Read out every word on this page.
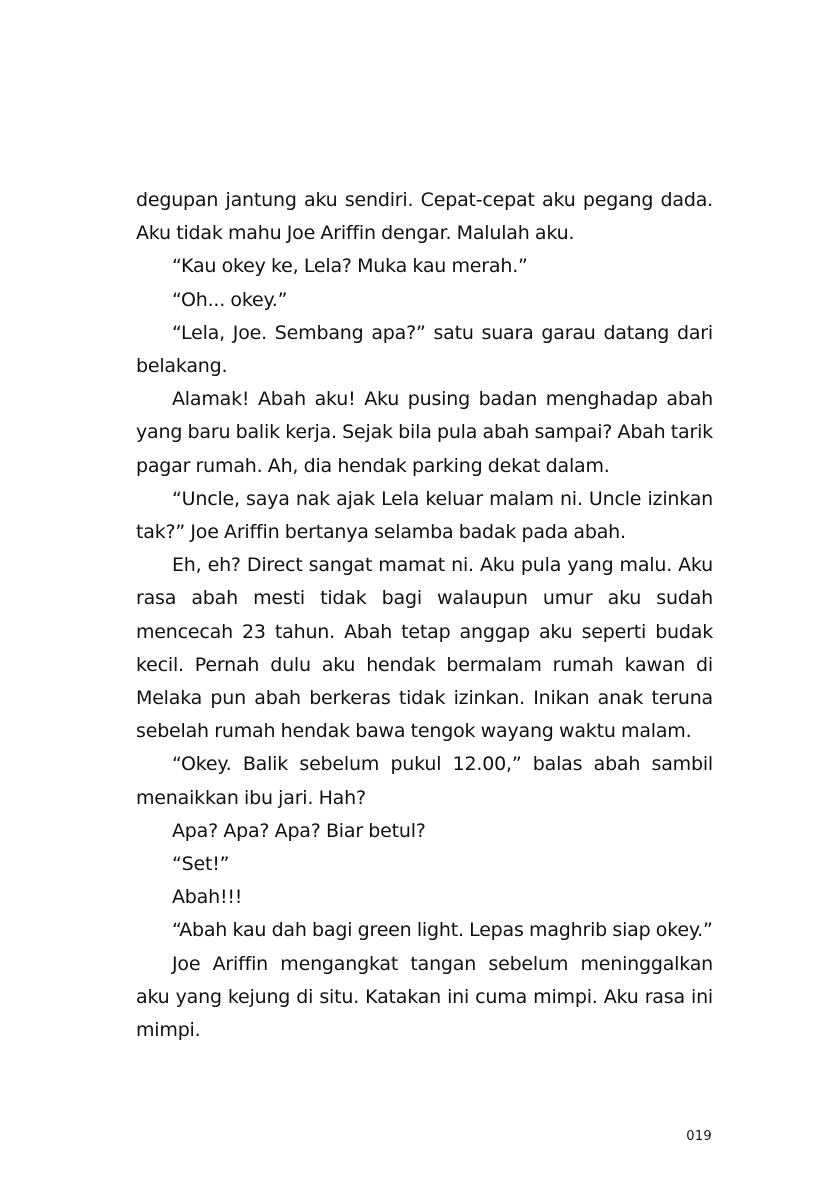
degupan jantung aku sendiri. Cepat-cepat aku pegang dada. Aku tidak mahu Joe Ariffin dengar. Malulah aku.

“Kau okey ke, Lela? Muka kau merah.”

“Oh... okey.”

“Lela, Joe. Sembang apa?” satu suara garau datang dari belakang.

Alamak! Abah aku! Aku pusing badan menghadap abah yang baru balik kerja. Sejak bila pula abah sampai? Abah tarik pagar rumah. Ah, dia hendak parking dekat dalam.

“Uncle, saya nak ajak Lela keluar malam ni. Uncle izinkan tak?” Joe Ariffin bertanya selamba badak pada abah.

Eh, eh? Direct sangat mamat ni. Aku pula yang malu. Aku rasa abah mesti tidak bagi walaupun umur aku sudah mencecah 23 tahun. Abah tetap anggap aku seperti budak kecil. Pernah dulu aku hendak bermalam rumah kawan di Melaka pun abah berkeras tidak izinkan. Inikan anak teruna sebelah rumah hendak bawa tengok wayang waktu malam.

“Okey. Balik sebelum pukul 12.00,” balas abah sambil menaikkan ibu jari. Hah?

Apa? Apa? Apa? Biar betul?

“Set!”

Abah!!!

“Abah kau dah bagi green light. Lepas maghrib siap okey.”

Joe Ariffin mengangkat tangan sebelum meninggalkan aku yang kejung di situ. Katakan ini cuma mimpi. Aku rasa ini mimpi.

019
